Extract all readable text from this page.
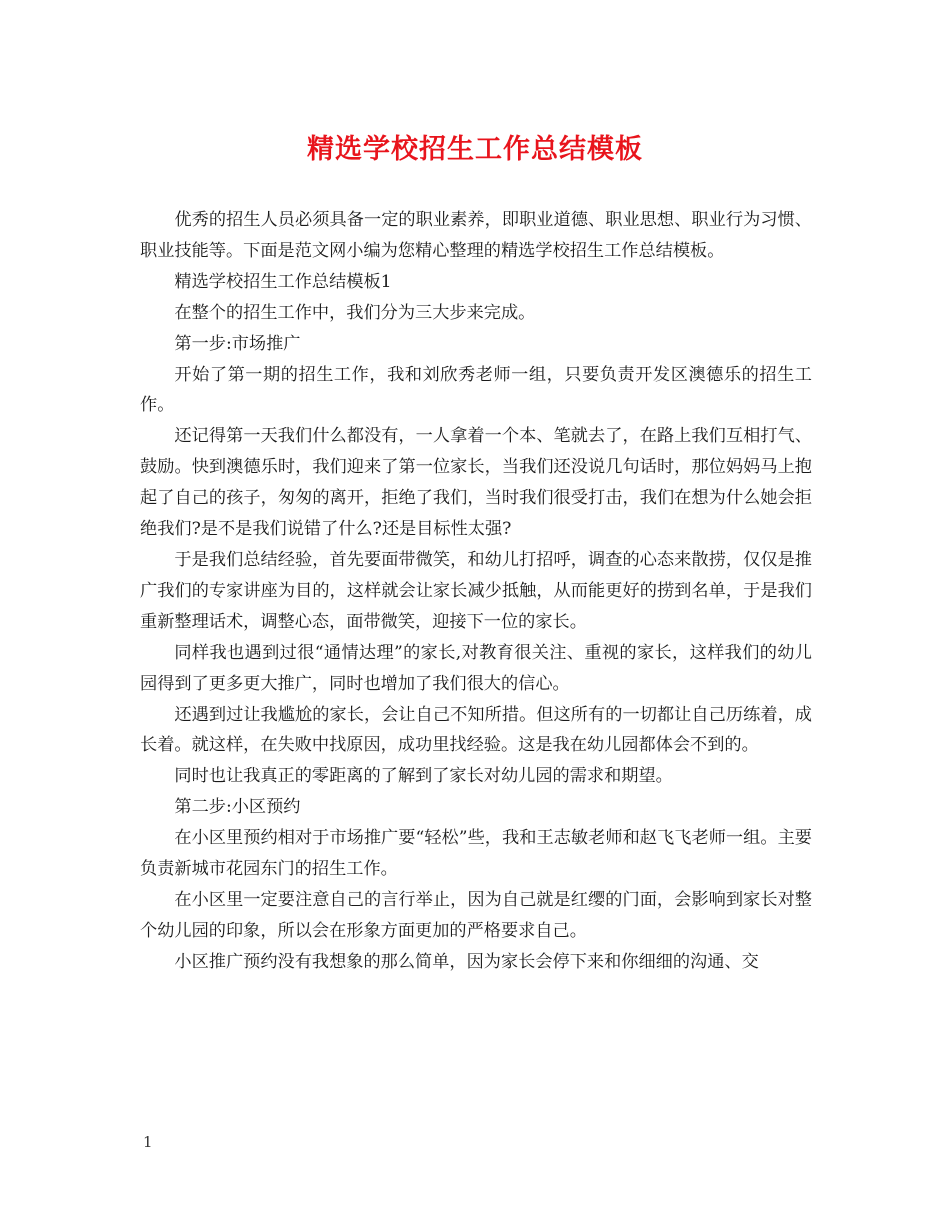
精选学校招生工作总结模板

优秀的招生人员必须具备一定的职业素养，即职业道德、职业思想、职业行为习惯、职业技能等。下面是范文网小编为您精心整理的精选学校招生工作总结模板。

精选学校招生工作总结模板1

在整个的招生工作中，我们分为三大步来完成。

第一步:市场推广

开始了第一期的招生工作，我和刘欣秀老师一组，只要负责开发区澳德乐的招生工作。

还记得第一天我们什么都没有，一人拿着一个本、笔就去了，在路上我们互相打气、鼓励。快到澳德乐时，我们迎来了第一位家长，当我们还没说几句话时，那位妈妈马上抱起了自己的孩子，匆匆的离开，拒绝了我们，当时我们很受打击，我们在想为什么她会拒绝我们?是不是我们说错了什么?还是目标性太强?

于是我们总结经验，首先要面带微笑，和幼儿打招呼，调查的心态来散捞，仅仅是推广我们的专家讲座为目的，这样就会让家长减少抵触，从而能更好的捞到名单，于是我们重新整理话术，调整心态，面带微笑，迎接下一位的家长。

同样我也遇到过很“通情达理”的家长,对教育很关注、重视的家长，这样我们的幼儿园得到了更多更大推广，同时也增加了我们很大的信心。

还遇到过让我尴尬的家长，会让自己不知所措。但这所有的一切都让自己历练着，成长着。就这样，在失败中找原因，成功里找经验。这是我在幼儿园都体会不到的。

同时也让我真正的零距离的了解到了家长对幼儿园的需求和期望。

第二步:小区预约

在小区里预约相对于市场推广要“轻松”些，我和王志敏老师和赵飞飞老师一组。主要负责新城市花园东门的招生工作。

在小区里一定要注意自己的言行举止，因为自己就是红缨的门面，会影响到家长对整个幼儿园的印象，所以会在形象方面更加的严格要求自己。

小区推广预约没有我想象的那么简单，因为家长会停下来和你细细的沟通、交

1
